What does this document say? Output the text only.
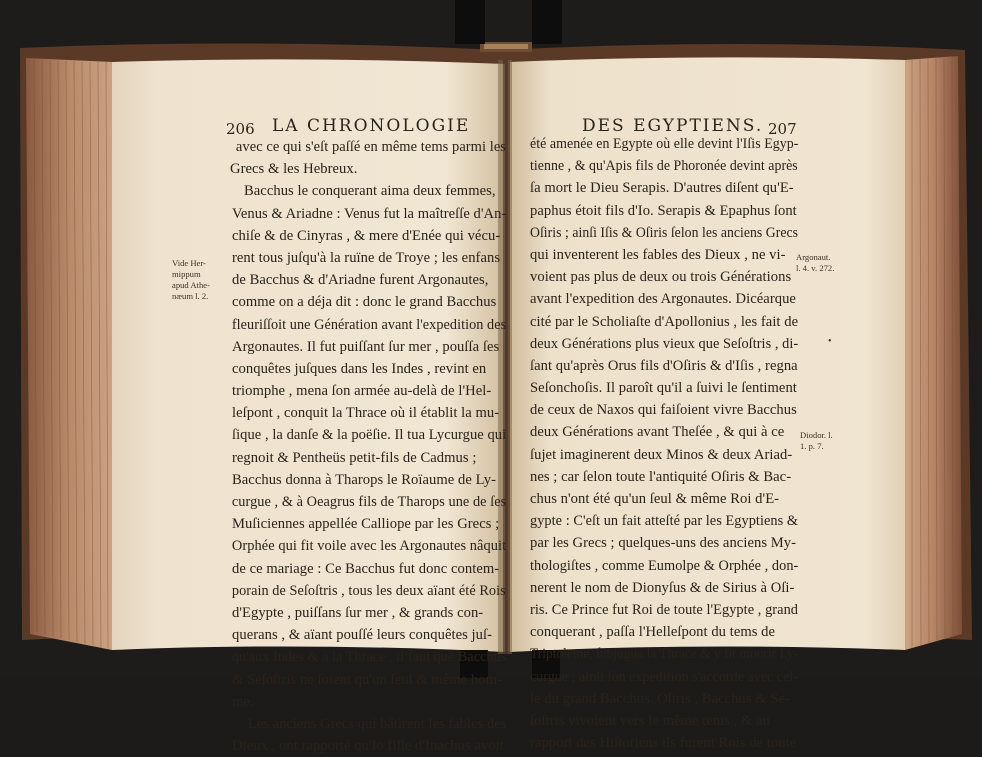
206 LA CHRONOLOGIE
Vide Her-
mippum
apud Athe-
næum l. 2.
avec ce qui s'eſt paſſé en même tems parmi les
Grecs & les Hebreux.
Bacchus le conquerant aima deux femmes,
Venus & Ariadne : Venus fut la maîtreſſe d'An-
chiſe & de Cinyras , & mere d'Enée qui vécu-
rent tous juſqu'à la ruïne de Troye ; les enfans
de Bacchus & d'Ariadne furent Argonautes,
comme on a déja dit : donc le grand Bacchus
fleuriſſoit une Génération avant l'expedition des
Argonautes. Il fut puiſſant ſur mer , pouſſa ſes
conquêtes juſques dans les Indes , revint en
triomphe , mena ſon armée au-delà de l'Hel-
leſpont , conquit la Thrace où il établit la mu-
ſique , la danſe & la poëſie. Il tua Lycurgue qui
regnoit & Pentheüs petit-fils de Cadmus ;
Bacchus donna à Tharops le Roïaume de Ly-
curgue , & à Oeagrus fils de Tharops une de ſes
Muſiciennes appellée Calliope par les Grecs ;
Orphée qui fit voile avec les Argonautes nâquit
de ce mariage : Ce Bacchus fut donc contem-
porain de Seſoſtris , tous les deux aïant été Rois
d'Egypte , puiſſans ſur mer , & grands con-
querans , & aïant pouſſé leurs conquêtes juſ-
qu'aux Indes & à la Thrace , il faut que Bacchus
& Seſoſtris ne ſoient qu'un ſeul & même hom-
me.
Les anciens Grecs qui bâtirent les fables des
Dieux , ont rapporté qu'Io fille d'Inachus avoit
DES EGYPTIENS. 207
Argonaut.
l. 4. v. 272.
Diodor. l.
1. p. 7.
•
été amenée en Egypte où elle devint l'Iſis Egyp-
tienne , & qu'Apis fils de Phoronée devint après
ſa mort le Dieu Serapis. D'autres diſent qu'E-
paphus étoit fils d'Io. Serapis & Epaphus ſont
Oſiris ; ainſi Iſis & Oſiris ſelon les anciens Grecs
qui inventerent les fables des Dieux , ne vi-
voient pas plus de deux ou trois Générations
avant l'expedition des Argonautes. Dicéarque
cité par le Scholiaſte d'Apollonius , les fait de
deux Générations plus vieux que Seſoſtris , di-
ſant qu'après Orus fils d'Oſiris & d'Iſis , regna
Seſonchoſis. Il paroît qu'il a ſuivi le ſentiment
de ceux de Naxos qui faiſoient vivre Bacchus
deux Générations avant Theſée , & qui à ce
ſujet imaginerent deux Minos & deux Ariad-
nes ; car ſelon toute l'antiquité Oſiris & Bac-
chus n'ont été qu'un ſeul & même Roi d'E-
gypte : C'eſt un fait atteſté par les Egyptiens &
par les Grecs ; quelques-uns des anciens My-
thologiſtes , comme Eumolpe & Orphée , don-
nerent le nom de Dionyſus & de Sirius à Oſi-
ris. Ce Prince fut Roi de toute l'Egypte , grand
conquerant , paſſa l'Helleſpont du tems de
Triptoleme, ſubjugua la Thrace & y fit mourir Ly-
curgue ; ainſi ſon expedition s'accorde avec cel-
le du grand Bacchus. Oſiris , Bacchus & Se-
ſoſtris vivoient vers le même tems , & au
rapport des Hiſtoriens ils furent Rois de toute
